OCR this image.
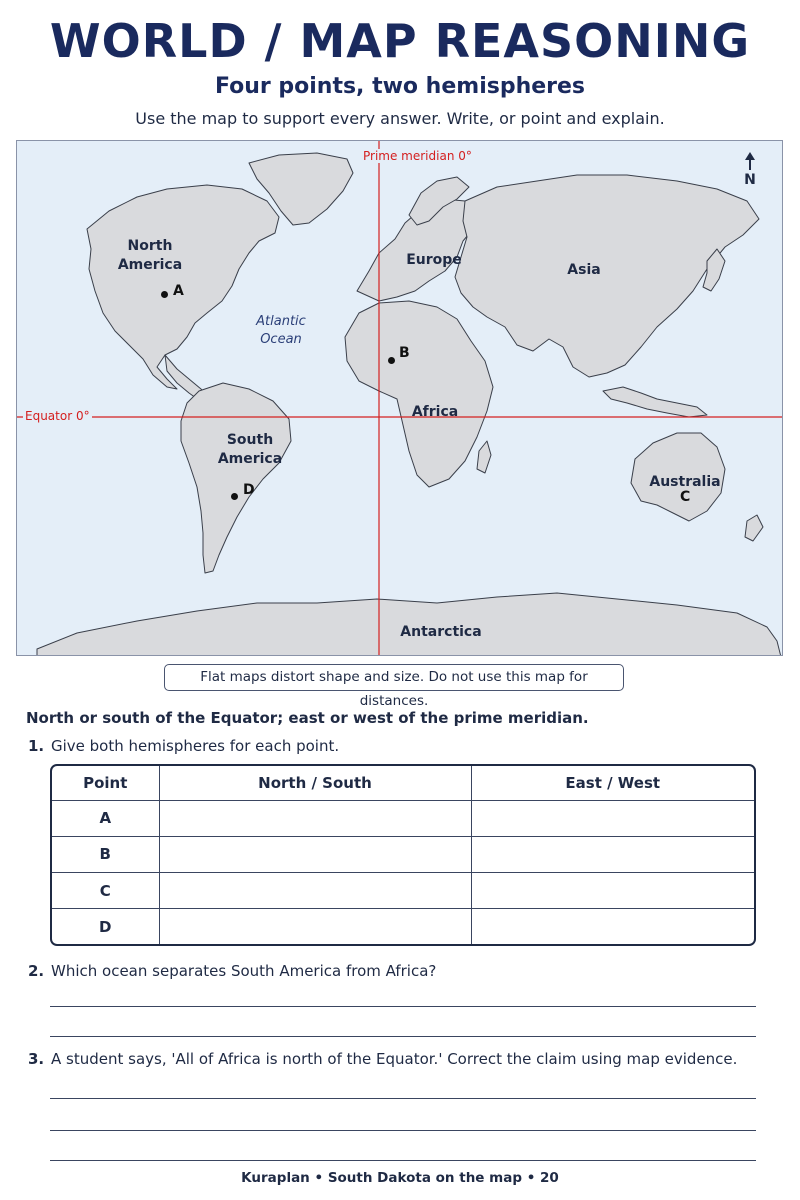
WORLD / MAP REASONING
Four points, two hemispheres
Use the map to support every answer. Write, or point and explain.
Prime meridian 0°
Equator 0°
North America
South America
Europe
Asia
Africa
Australia
Antarctica
Atlantic Ocean
A
B
C
D
N
Flat maps distort shape and size. Do not use this map for distances.
North or south of the Equator; east or west of the prime meridian.
1. Give both hemispheres for each point.
Point	North / South	East / West
A		
B		
C		
D		
2. Which ocean separates South America from Africa?
3. A student says, 'All of Africa is north of the Equator.' Correct the claim using map evidence.
Kuraplan • South Dakota on the map • 20
